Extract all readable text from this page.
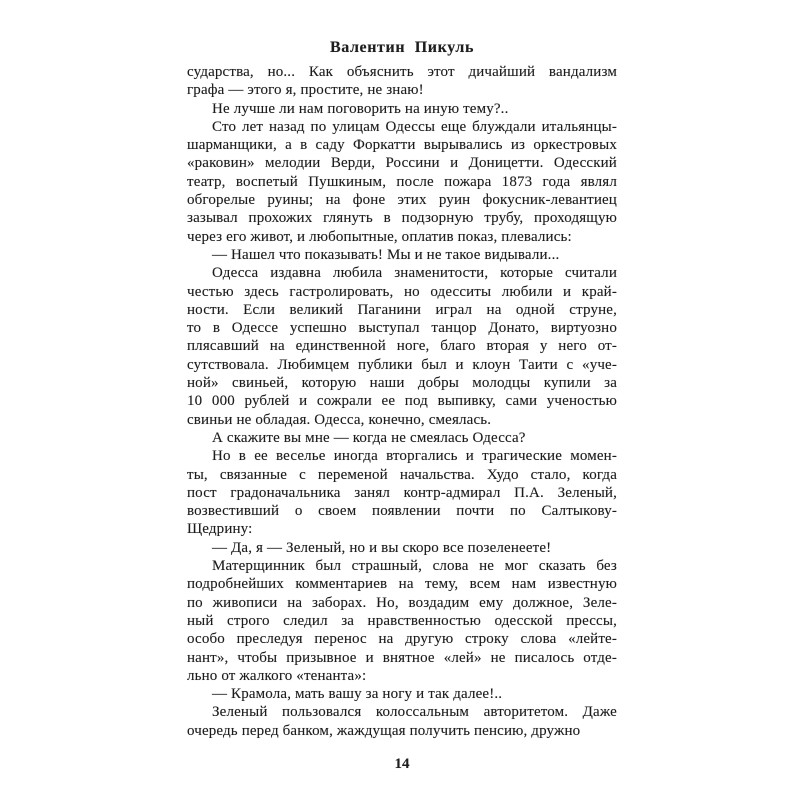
Валентин Пикуль
сударства, но... Как объяснить этот дичайший вандализм
графа — этого я, простите, не знаю!
Не лучше ли нам поговорить на иную тему?..
Сто лет назад по улицам Одессы еще блуждали итальянцы-
шарманщики, а в саду Форкатти вырывались из оркестровых
«раковин» мелодии Верди, Россини и Доницетти. Одесский
театр, воспетый Пушкиным, после пожара 1873 года являл
обгорелые руины; на фоне этих руин фокусник-левантиец
зазывал прохожих глянуть в подзорную трубу, проходящую
через его живот, и любопытные, оплатив показ, плевались:
— Нашел что показывать! Мы и не такое видывали...
Одесса издавна любила знаменитости, которые считали
честью здесь гастролировать, но одесситы любили и край-
ности. Если великий Паганини играл на одной струне,
то в Одессе успешно выступал танцор Донато, виртуозно
плясавший на единственной ноге, благо вторая у него от-
сутствовала. Любимцем публики был и клоун Таити с «уче-
ной» свиньей, которую наши добры молодцы купили за
10 000 рублей и сожрали ее под выпивку, сами ученостью
свиньи не обладая. Одесса, конечно, смеялась.
А скажите вы мне — когда не смеялась Одесса?
Но в ее веселье иногда вторгались и трагические момен-
ты, связанные с переменой начальства. Худо стало, когда
пост градоначальника занял контр-адмирал П.А. Зеленый,
возвестивший о своем появлении почти по Салтыкову-
Щедрину:
— Да, я — Зеленый, но и вы скоро все позеленеете!
Матерщинник был страшный, слова не мог сказать без
подробнейших комментариев на тему, всем нам известную
по живописи на заборах. Но, воздадим ему должное, Зеле-
ный строго следил за нравственностью одесской прессы,
особо преследуя перенос на другую строку слова «лейте-
нант», чтобы призывное и внятное «лей» не писалось отде-
льно от жалкого «тенанта»:
— Крамола, мать вашу за ногу и так далее!..
Зеленый пользовался колоссальным авторитетом. Даже
очередь перед банком, жаждущая получить пенсию, дружно
14
